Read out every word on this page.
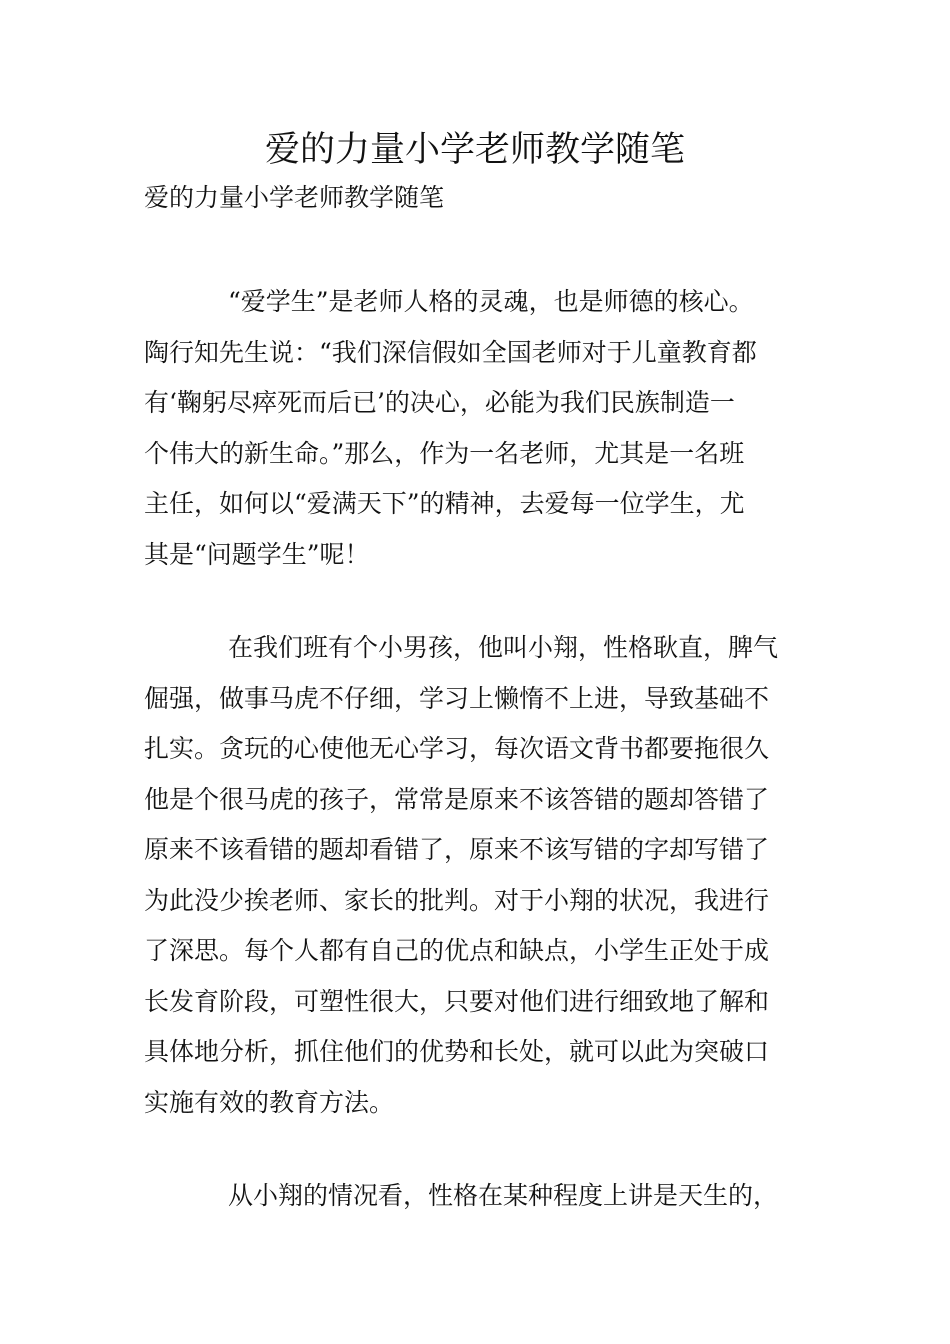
爱的力量小学老师教学随笔

爱的力量小学老师教学随笔

“爱学生”是老师人格的灵魂，也是师德的核心。
陶行知先生说：“我们深信假如全国老师对于儿童教育都
有‘鞠躬尽瘁死而后已’的决心，必能为我们民族制造一
个伟大的新生命。”那么，作为一名老师，尤其是一名班
主任，如何以“爱满天下”的精神，去爱每一位学生，尤
其是“问题学生”呢！
在我们班有个小男孩，他叫小翔，性格耿直，脾气
倔强，做事马虎不仔细，学习上懒惰不上进，导致基础不
扎实。贪玩的心使他无心学习，每次语文背书都要拖很久
他是个很马虎的孩子，常常是原来不该答错的题却答错了
原来不该看错的题却看错了，原来不该写错的字却写错了
为此没少挨老师、家长的批判。对于小翔的状况，我进行
了深思。每个人都有自己的优点和缺点，小学生正处于成
长发育阶段，可塑性很大，只要对他们进行细致地了解和
具体地分析，抓住他们的优势和长处，就可以此为突破口
实施有效的教育方法。
从小翔的情况看，性格在某种程度上讲是天生的，
